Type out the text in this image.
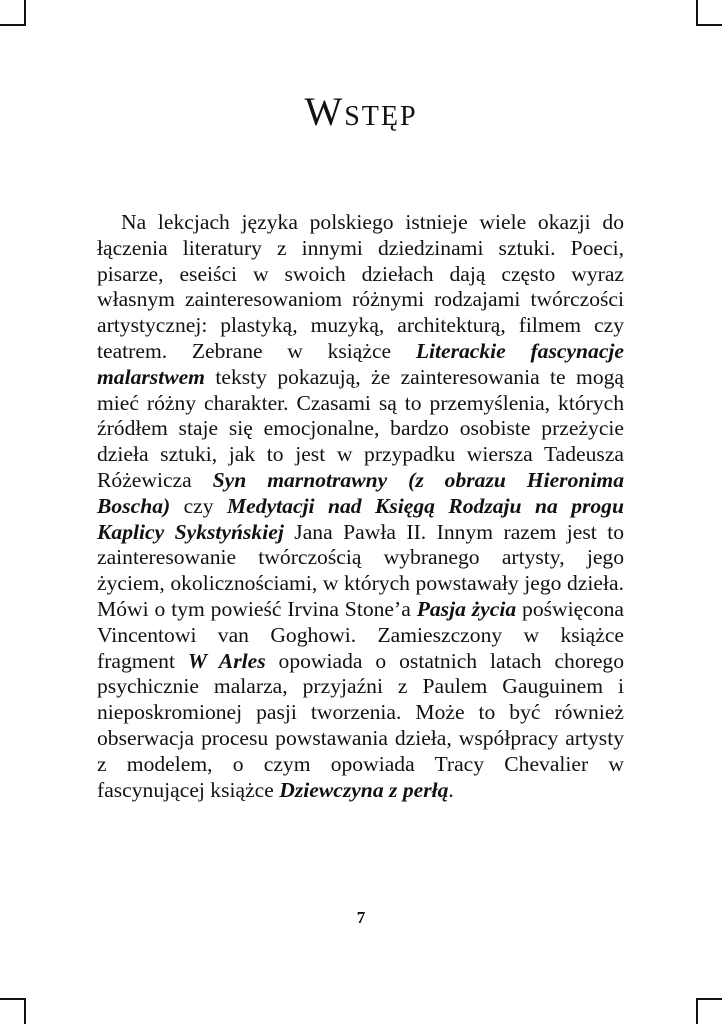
Wstęp

Na lekcjach języka polskiego istnieje wiele okazji do łączenia literatury z innymi dziedzinami sztuki. Poeci, pisarze, eseiści w swoich dziełach dają często wyraz własnym zainteresowaniom różnymi rodzajami twórczości artystycznej: plastyką, muzyką, architekturą, filmem czy teatrem. Zebrane w książce Literackie fascynacje malarstwem teksty pokazują, że zainteresowania te mogą mieć różny charakter. Czasami są to przemyślenia, których źródłem staje się emocjonalne, bardzo osobiste przeżycie dzieła sztuki, jak to jest w przypadku wiersza Tadeusza Różewicza Syn marnotrawny (z obrazu Hieronima Boscha) czy Medytacji nad Księgą Rodzaju na progu Kaplicy Sykstyńskiej Jana Pawła II. Innym razem jest to zainteresowanie twórczością wybranego artysty, jego życiem, okolicznościami, w których powstawały jego dzieła. Mówi o tym powieść Irvina Stone’a Pasja życia poświęcona Vincentowi van Goghowi. Zamieszczony w książce fragment W Arles opowiada o ostatnich latach chorego psychicznie malarza, przyjaźni z Paulem Gauguinem i nieposkromionej pasji tworzenia. Może to być również obserwacja procesu powstawania dzieła, współpracy artysty z modelem, o czym opowiada Tracy Chevalier w fascynującej książce Dziewczyna z perłą.

7
